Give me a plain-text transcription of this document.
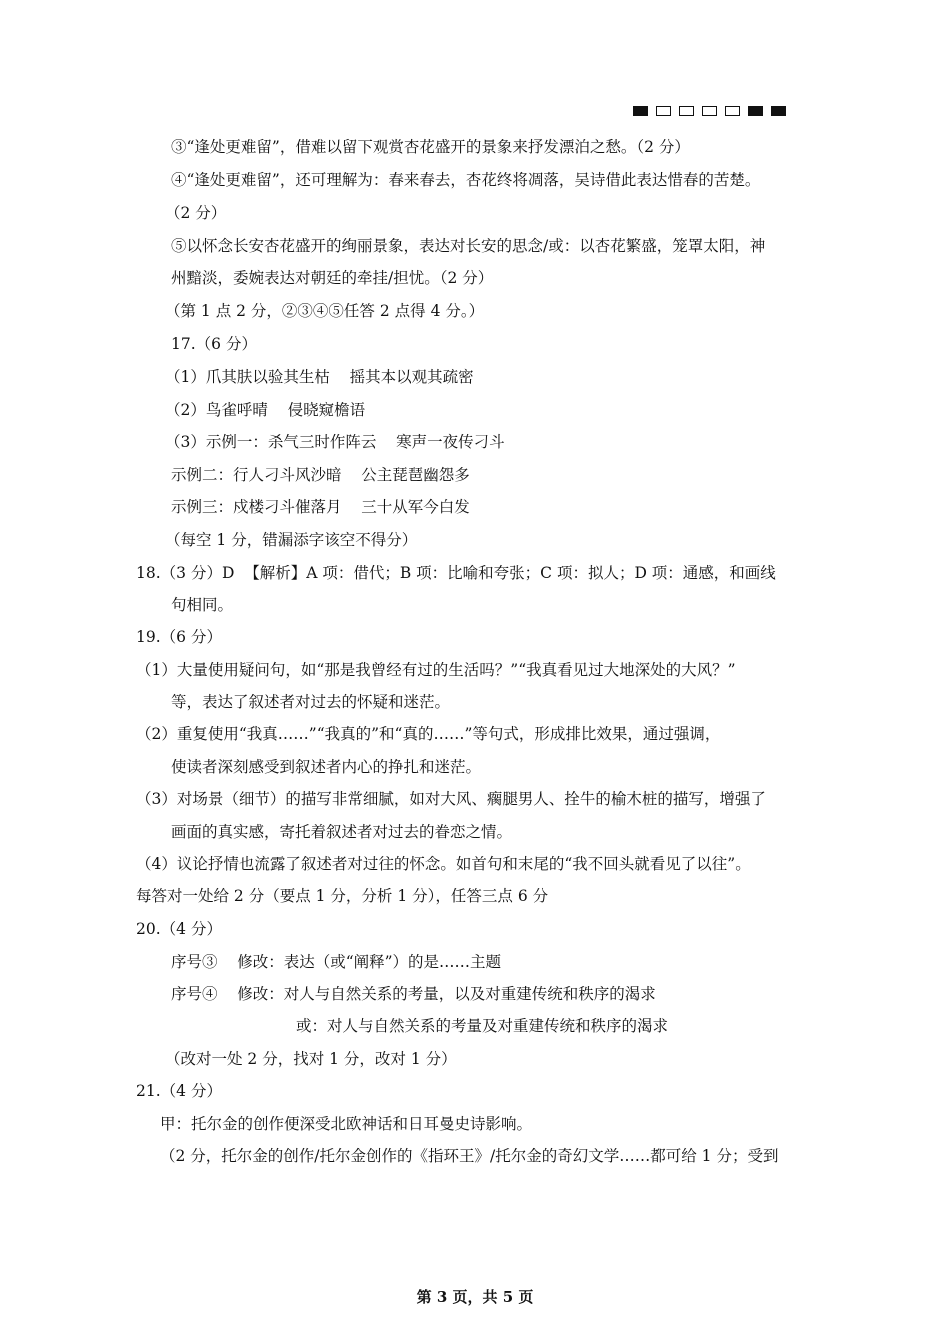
③“逢处更难留”，借难以留下观赏杏花盛开的景象来抒发漂泊之愁。（2 分）
④“逢处更难留”，还可理解为：春来春去，杏花终将凋落，吴诗借此表达惜春的苦楚。
（2 分）
⑤以怀念长安杏花盛开的绚丽景象，表达对长安的思念/或：以杏花繁盛，笼罩太阳，神
州黯淡，委婉表达对朝廷的牵挂/担忧。（2 分）
（第 1 点 2 分，②③④⑤任答 2 点得 4 分。）
17.（6 分）
（1）爪其肤以验其生枯    摇其本以观其疏密
（2）鸟雀呼晴    侵晓窥檐语
（3）示例一：杀气三时作阵云    寒声一夜传刁斗
示例二：行人刁斗风沙暗    公主琵琶幽怨多
示例三：戍楼刁斗催落月    三十从军今白发
（每空 1 分，错漏添字该空不得分）
18.（3 分）D  【解析】A 项：借代；B 项：比喻和夸张；C 项：拟人；D 项：通感，和画线
句相同。
19.（6 分）
（1）大量使用疑问句，如“那是我曾经有过的生活吗？”“我真看见过大地深处的大风？”
等，表达了叙述者对过去的怀疑和迷茫。
（2）重复使用“我真……”“我真的”和“真的……”等句式，形成排比效果，通过强调，
使读者深刻感受到叙述者内心的挣扎和迷茫。
（3）对场景（细节）的描写非常细腻，如对大风、瘸腿男人、拴牛的榆木桩的描写，增强了
画面的真实感，寄托着叙述者对过去的眷恋之情。
（4）议论抒情也流露了叙述者对过往的怀念。如首句和末尾的“我不回头就看见了以往”。
每答对一处给 2 分（要点 1 分，分析 1 分），任答三点 6 分
20.（4 分）
序号③    修改：表达（或“阐释”）的是……主题
序号④    修改：对人与自然关系的考量，以及对重建传统和秩序的渴求
或：对人与自然关系的考量及对重建传统和秩序的渴求
（改对一处 2 分，找对 1 分，改对 1 分）
21.（4 分）
甲：托尔金的创作便深受北欧神话和日耳曼史诗影响。
（2 分，托尔金的创作/托尔金创作的《指环王》/托尔金的奇幻文学……都可给 1 分；受到
第 3 页，共 5 页
